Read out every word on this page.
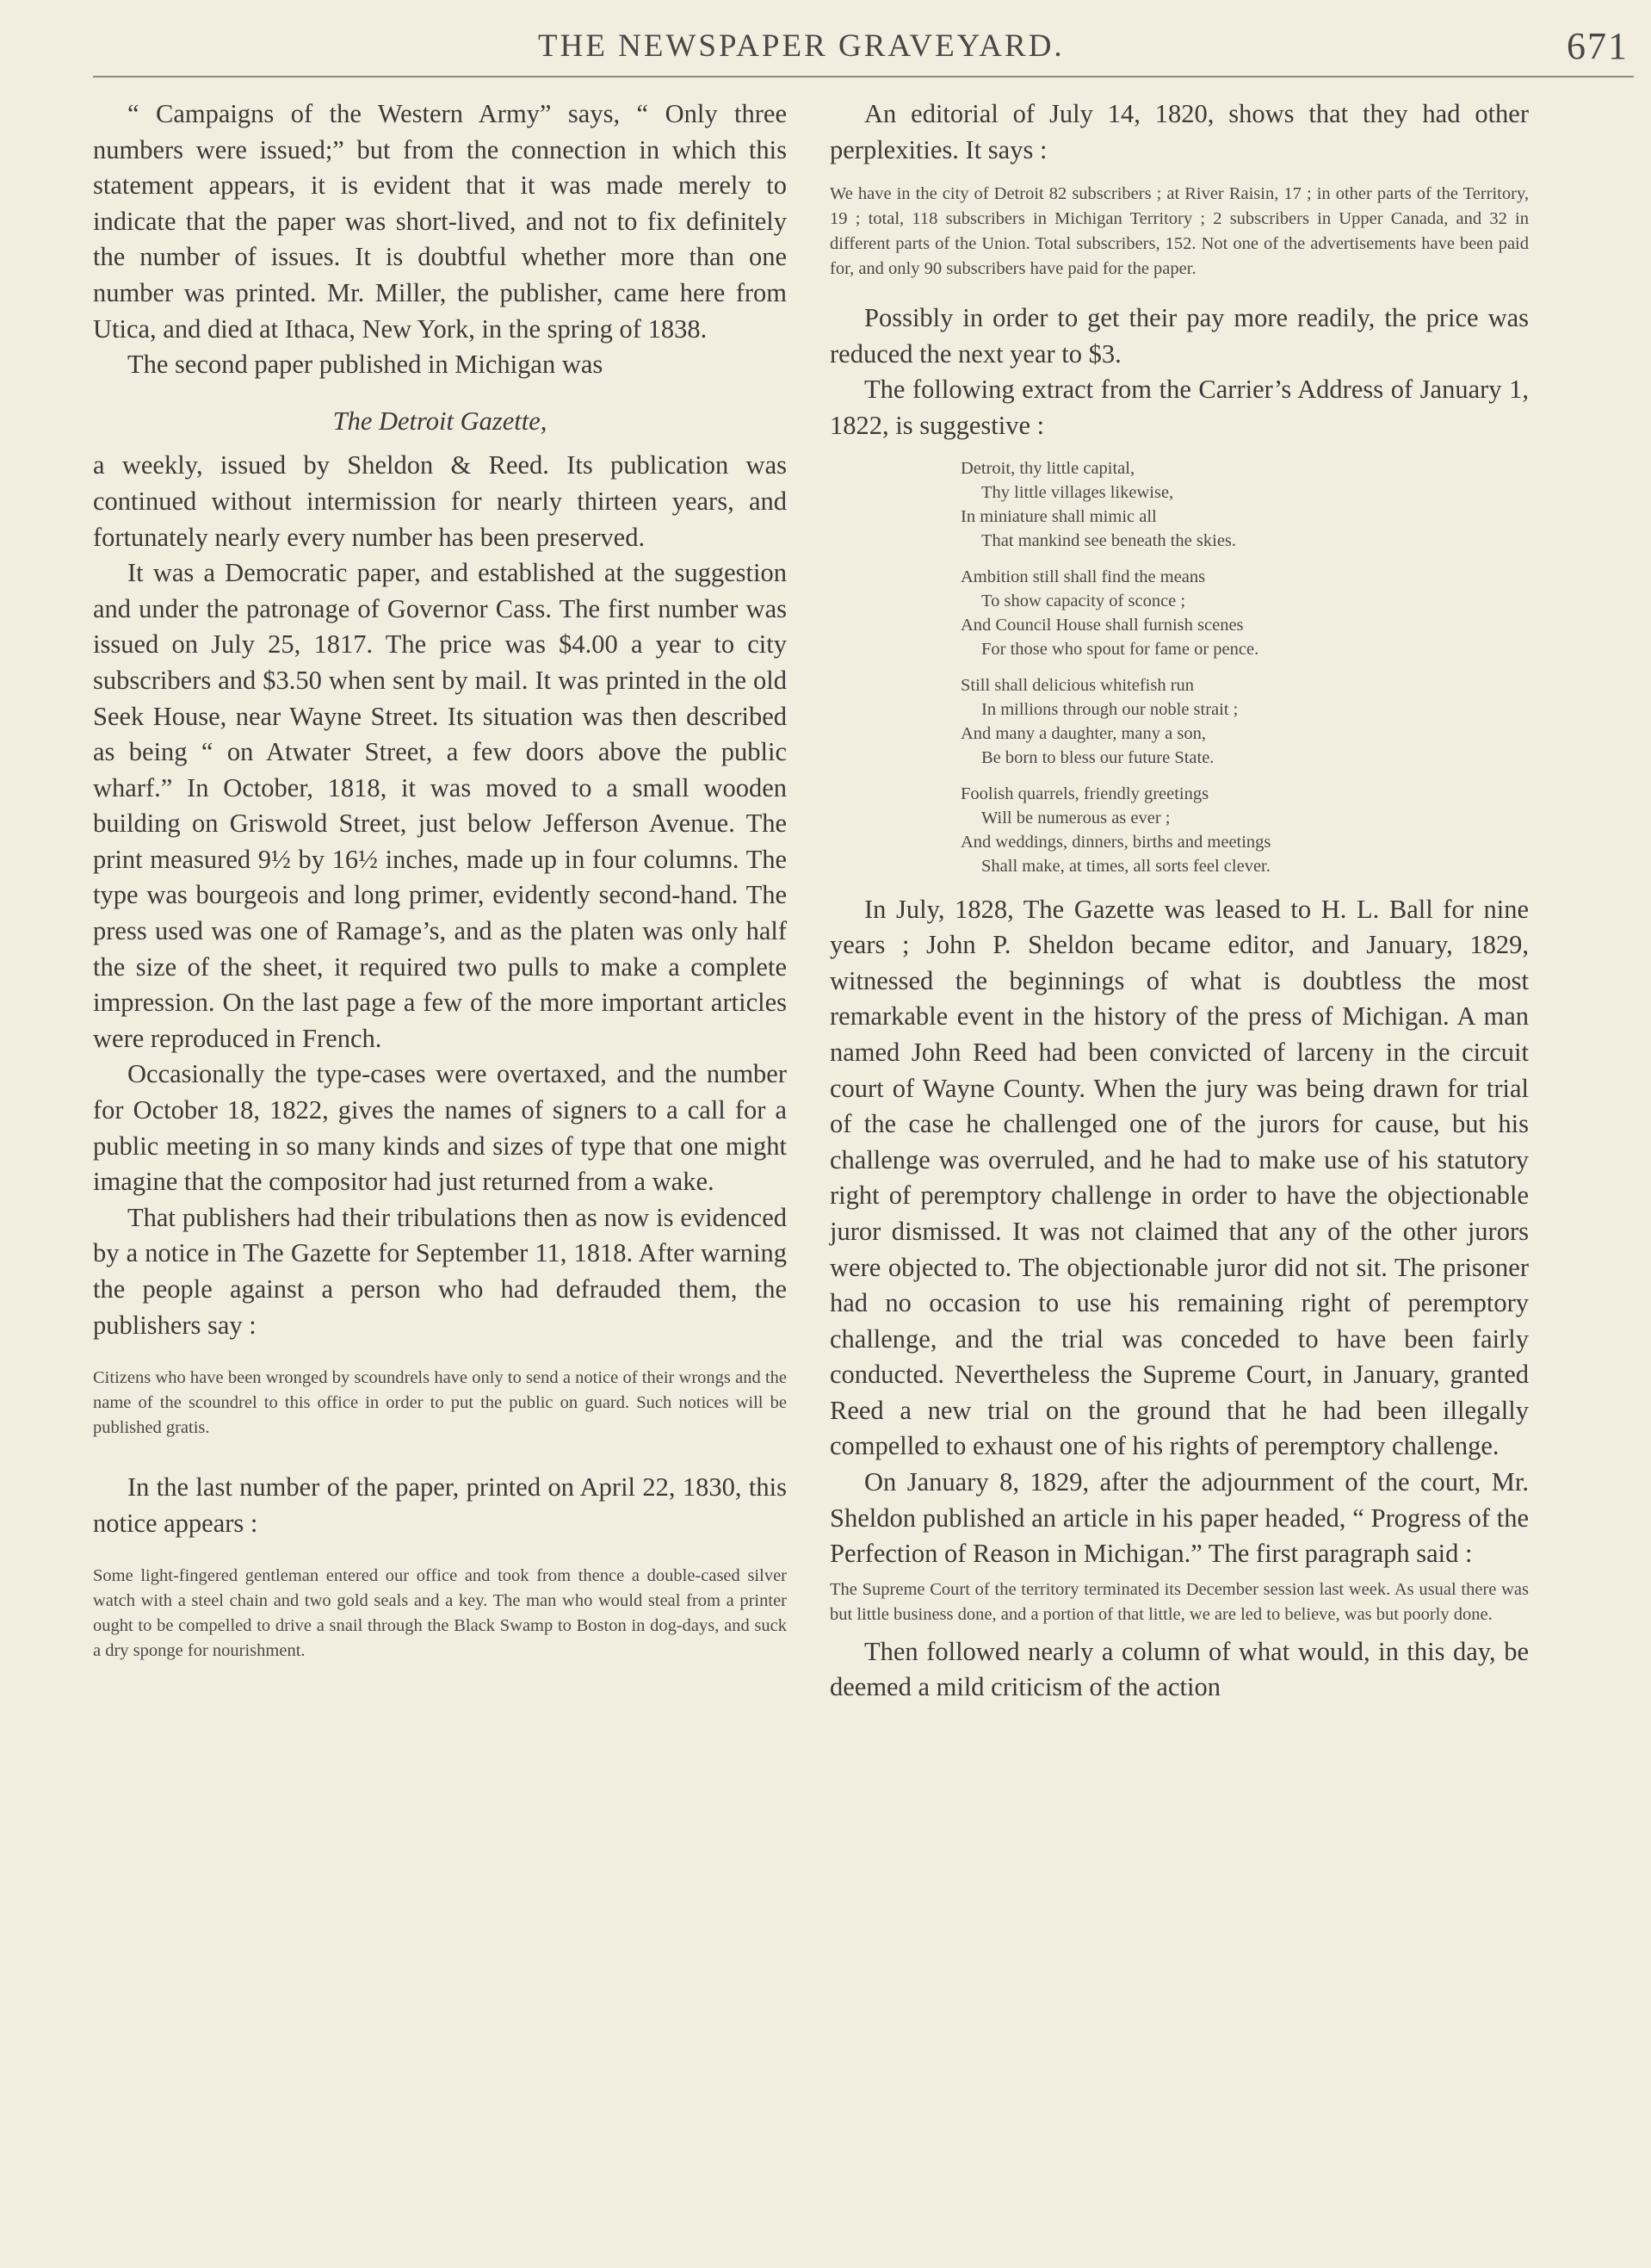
THE NEWSPAPER GRAVEYARD.	671

“ Campaigns of the Western Army” says, “ Only three numbers were issued;” but from the connection in which this statement appears, it is evident that it was made merely to indicate that the paper was short-lived, and not to fix definitely the number of issues. It is doubtful whether more than one number was printed. Mr. Miller, the publisher, came here from Utica, and died at Ithaca, New York, in the spring of 1838.

The second paper published in Michigan was

The Detroit Gazette,

a weekly, issued by Sheldon & Reed. Its publication was continued without intermission for nearly thirteen years, and fortunately nearly every number has been preserved.

It was a Democratic paper, and established at the suggestion and under the patronage of Governor Cass. The first number was issued on July 25, 1817. The price was $4.00 a year to city subscribers and $3.50 when sent by mail. It was printed in the old Seek House, near Wayne Street. Its situation was then described as being “ on Atwater Street, a few doors above the public wharf.” In October, 1818, it was moved to a small wooden building on Griswold Street, just below Jefferson Avenue. The print measured 9½ by 16½ inches, made up in four columns. The type was bourgeois and long primer, evidently second-hand. The press used was one of Ramage’s, and as the platen was only half the size of the sheet, it required two pulls to make a complete impression. On the last page a few of the more important articles were reproduced in French.

Occasionally the type-cases were overtaxed, and the number for October 18, 1822, gives the names of signers to a call for a public meeting in so many kinds and sizes of type that one might imagine that the compositor had just returned from a wake.

That publishers had their tribulations then as now is evidenced by a notice in The Gazette for September 11, 1818. After warning the people against a person who had defrauded them, the publishers say :

Citizens who have been wronged by scoundrels have only to send a notice of their wrongs and the name of the scoundrel to this office in order to put the public on guard. Such notices will be published gratis.

In the last number of the paper, printed on April 22, 1830, this notice appears :

Some light-fingered gentleman entered our office and took from thence a double-cased silver watch with a steel chain and two gold seals and a key. The man who would steal from a printer ought to be compelled to drive a snail through the Black Swamp to Boston in dog-days, and suck a dry sponge for nourishment.

An editorial of July 14, 1820, shows that they had other perplexities. It says :

We have in the city of Detroit 82 subscribers ; at River Raisin, 17 ; in other parts of the Territory, 19 ; total, 118 subscribers in Michigan Territory ; 2 subscribers in Upper Canada, and 32 in different parts of the Union. Total subscribers, 152. Not one of the advertisements have been paid for, and only 90 subscribers have paid for the paper.

Possibly in order to get their pay more readily, the price was reduced the next year to $3.

The following extract from the Carrier’s Address of January 1, 1822, is suggestive :

Detroit, thy little capital,
Thy little villages likewise,
In miniature shall mimic all
That mankind see beneath the skies.
Ambition still shall find the means
To show capacity of sconce ;
And Council House shall furnish scenes
For those who spout for fame or pence.
Still shall delicious whitefish run
In millions through our noble strait ;
And many a daughter, many a son,
Be born to bless our future State.
Foolish quarrels, friendly greetings
Will be numerous as ever ;
And weddings, dinners, births and meetings
Shall make, at times, all sorts feel clever.

In July, 1828, The Gazette was leased to H. L. Ball for nine years ; John P. Sheldon became editor, and January, 1829, witnessed the beginnings of what is doubtless the most remarkable event in the history of the press of Michigan. A man named John Reed had been convicted of larceny in the circuit court of Wayne County. When the jury was being drawn for trial of the case he challenged one of the jurors for cause, but his challenge was overruled, and he had to make use of his statutory right of peremptory challenge in order to have the objectionable juror dismissed. It was not claimed that any of the other jurors were objected to. The objectionable juror did not sit. The prisoner had no occasion to use his remaining right of peremptory challenge, and the trial was conceded to have been fairly conducted. Nevertheless the Supreme Court, in January, granted Reed a new trial on the ground that he had been illegally compelled to exhaust one of his rights of peremptory challenge.

On January 8, 1829, after the adjournment of the court, Mr. Sheldon published an article in his paper headed, “ Progress of the Perfection of Reason in Michigan.” The first paragraph said :

The Supreme Court of the territory terminated its December session last week. As usual there was but little business done, and a portion of that little, we are led to believe, was but poorly done.

Then followed nearly a column of what would, in this day, be deemed a mild criticism of the action
